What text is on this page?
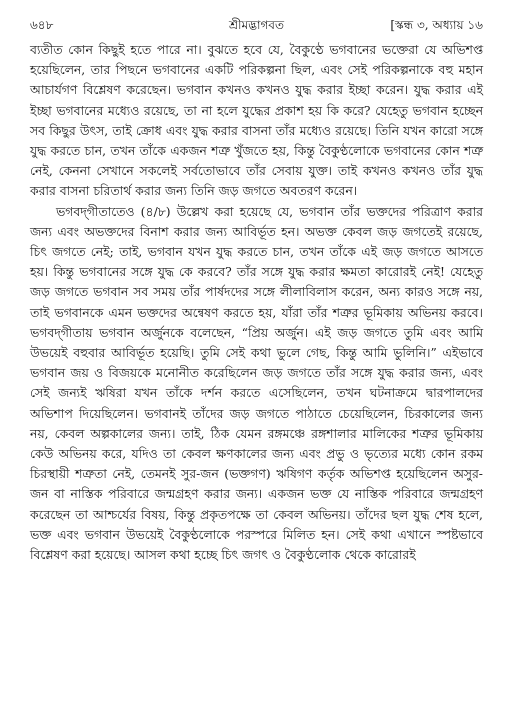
৬৪৮	শ্রীমদ্ভাগবত	[স্কন্ধ ৩, অধ্যায় ১৬

ব্যতীত কোন কিছুই হতে পারে না। বুঝতে হবে যে, বৈকুণ্ঠে ভগবানের ভক্তেরা যে অভিশপ্ত হয়েছিলেন, তার পিছনে ভগবানের একটি পরিকল্পনা ছিল, এবং সেই পরিকল্পনাকে বহু মহান আচার্যগণ বিশ্লেষণ করেছেন। ভগবান কখনও কখনও যুদ্ধ করার ইচ্ছা করেন। যুদ্ধ করার এই ইচ্ছা ভগবানের মধ্যেও রয়েছে, তা না হলে যুদ্ধের প্রকাশ হয় কি করে? যেহেতু ভগবান হচ্ছেন সব কিছুর উৎস, তাই ক্রোধ এবং যুদ্ধ করার বাসনা তাঁর মধ্যেও রয়েছে। তিনি যখন কারো সঙ্গে যুদ্ধ করতে চান, তখন তাঁকে একজন শত্রু খুঁজতে হয়, কিন্তু বৈকুণ্ঠলোকে ভগবানের কোন শত্রু নেই, কেননা সেখানে সকলেই সর্বতোভাবে তাঁর সেবায় যুক্ত। তাই কখনও কখনও তাঁর যুদ্ধ করার বাসনা চরিতার্থ করার জন্য তিনি জড় জগতে অবতরণ করেন।

ভগবদ্‌গীতাতেও (৪/৮) উল্লেখ করা হয়েছে যে, ভগবান তাঁর ভক্তদের পরিত্রাণ করার জন্য এবং অভক্তদের বিনাশ করার জন্য আবির্ভূত হন। অভক্ত কেবল জড় জগতেই রয়েছে, চিৎ জগতে নেই; তাই, ভগবান যখন যুদ্ধ করতে চান, তখন তাঁকে এই জড় জগতে আসতে হয়। কিন্তু ভগবানের সঙ্গে যুদ্ধ কে করবে? তাঁর সঙ্গে যুদ্ধ করার ক্ষমতা কারোরই নেই! যেহেতু জড় জগতে ভগবান সব সময় তাঁর পার্ষদদের সঙ্গে লীলাবিলাস করেন, অন্য কারও সঙ্গে নয়, তাই ভগবানকে এমন ভক্তদের অন্বেষণ করতে হয়, যাঁরা তাঁর শত্রুর ভূমিকায় অভিনয় করবে। ভগবদ্‌গীতায় ভগবান অর্জুনকে বলেছেন, “প্রিয় অর্জুন। এই জড় জগতে তুমি এবং আমি উভয়েই বহুবার আবির্ভূত হয়েছি। তুমি সেই কথা ভুলে গেছ, কিন্তু আমি ভুলিনি।” এইভাবে ভগবান জয় ও বিজয়কে মনোনীত করেছিলেন জড় জগতে তাঁর সঙ্গে যুদ্ধ করার জন্য, এবং সেই জন্যই ঋষিরা যখন তাঁকে দর্শন করতে এসেছিলেন, তখন ঘটনাক্রমে দ্বারপালদের অভিশাপ দিয়েছিলেন। ভগবানই তাঁদের জড় জগতে পাঠাতে চেয়েছিলেন, চিরকালের জন্য নয়, কেবল অল্পকালের জন্য। তাই, ঠিক যেমন রঙ্গমঞ্চে রঙ্গশালার মালিকের শত্রুর ভূমিকায় কেউ অভিনয় করে, যদিও তা কেবল ক্ষণকালের জন্য এবং প্রভু ও ভৃত্যের মধ্যে কোন রকম চিরস্থায়ী শত্রুতা নেই, তেমনই সুর-জন (ভক্তগণ) ঋষিগণ কর্তৃক অভিশপ্ত হয়েছিলেন অসুর-জন বা নাস্তিক পরিবারে জন্মগ্রহণ করার জন্য। একজন ভক্ত যে নাস্তিক পরিবারে জন্মগ্রহণ করেছেন তা আশ্চর্যের বিষয়, কিন্তু প্রকৃতপক্ষে তা কেবল অভিনয়। তাঁদের ছল যুদ্ধ শেষ হলে, ভক্ত এবং ভগবান উভয়েই বৈকুণ্ঠলোকে পরস্পরে মিলিত হন। সেই কথা এখানে স্পষ্টভাবে বিশ্লেষণ করা হয়েছে। আসল কথা হচ্ছে চিৎ জগৎ ও বৈকুণ্ঠলোক থেকে কারোরই
